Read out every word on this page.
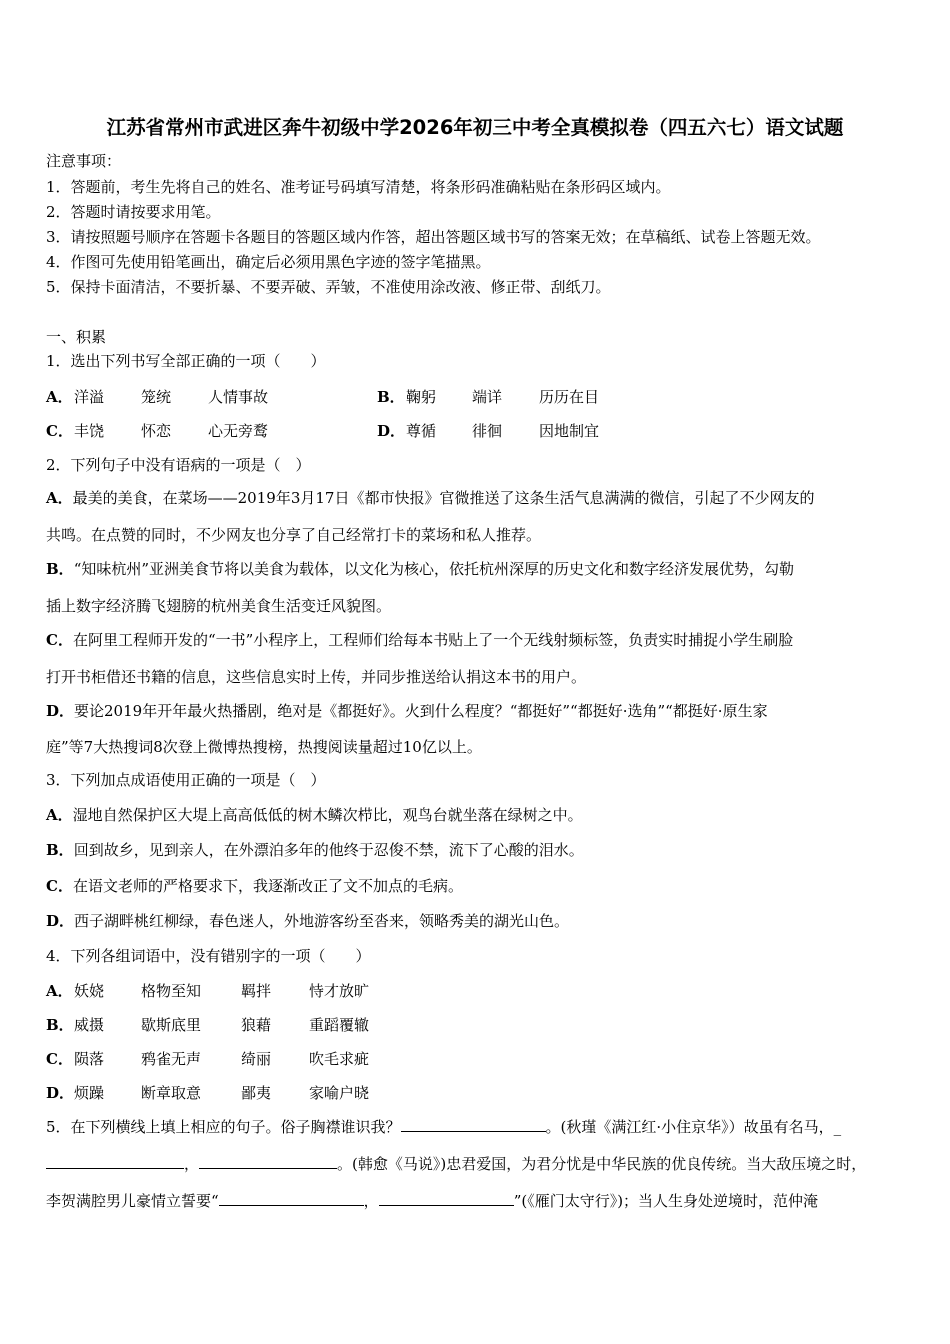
江苏省常州市武进区奔牛初级中学2026年初三中考全真模拟卷（四五六七）语文试题
注意事项：
1．答题前，考生先将自己的姓名、准考证号码填写清楚，将条形码准确粘贴在条形码区域内。
2．答题时请按要求用笔。
3．请按照题号顺序在答题卡各题目的答题区域内作答，超出答题区域书写的答案无效；在草稿纸、试卷上答题无效。
4．作图可先使用铅笔画出，确定后必须用黑色字迹的签字笔描黑。
5．保持卡面清洁，不要折暴、不要弄破、弄皱，不准使用涂改液、修正带、刮纸刀。
一、积累
1．选出下列书写全部正确的一项（　　）
A． 洋溢 笼统 人情事故	B． 鞠躬 端详 历历在目
C． 丰饶 怀恋 心无旁鹜	D． 尊循 徘徊 因地制宜
2．下列句子中没有语病的一项是（　）
A．最美的美食，在菜场——2019年3月17日《都市快报》官微推送了这条生活气息满满的微信，引起了不少网友的
共鸣。在点赞的同时，不少网友也分享了自己经常打卡的菜场和私人推荐。
B．“知味杭州”亚洲美食节将以美食为载体，以文化为核心，依托杭州深厚的历史文化和数字经济发展优势，勾勒
插上数字经济腾飞翅膀的杭州美食生活变迁风貌图。
C．在阿里工程师开发的“一书”小程序上，工程师们给每本书贴上了一个无线射频标签，负责实时捕捉小学生刷脸
打开书柜借还书籍的信息，这些信息实时上传，并同步推送给认捐这本书的用户。
D．要论2019年开年最火热播剧，绝对是《都挺好》。火到什么程度？“都挺好”“都挺好·选角”“都挺好·原生家
庭”等7大热搜词8次登上微博热搜榜，热搜阅读量超过10亿以上。
3．下列加点成语使用正确的一项是（　）
A．湿地自然保护区大堤上高高低低的树木鳞次栉比，观鸟台就坐落在绿树之中。
B．回到故乡，见到亲人，在外漂泊多年的他终于忍俊不禁，流下了心酸的泪水。
C．在语文老师的严格要求下，我逐渐改正了文不加点的毛病。
D．西子湖畔桃红柳绿，春色迷人，外地游客纷至沓来，领略秀美的湖光山色。
4．下列各组词语中，没有错别字的一项（　　）
A． 妖娆 格物至知	羁拌	恃才放旷
B． 威摄 歇斯底里	狼藉	重蹈覆辙
C． 陨落 鸦雀无声	绮丽	吹毛求疵
D． 烦躁 断章取意	鄙夷	家喻户晓
5．在下列横线上填上相应的句子。俗子胸襟谁识我？	。(秋瑾《满江红·小住京华》）故虽有名马，_
，	。(韩愈《马说》)忠君爱国，为君分忧是中华民族的优良传统。当大敌压境之时，
李贺满腔男儿豪情立誓要“	，	”(《雁门太守行》)；当人生身处逆境时，范仲淹
